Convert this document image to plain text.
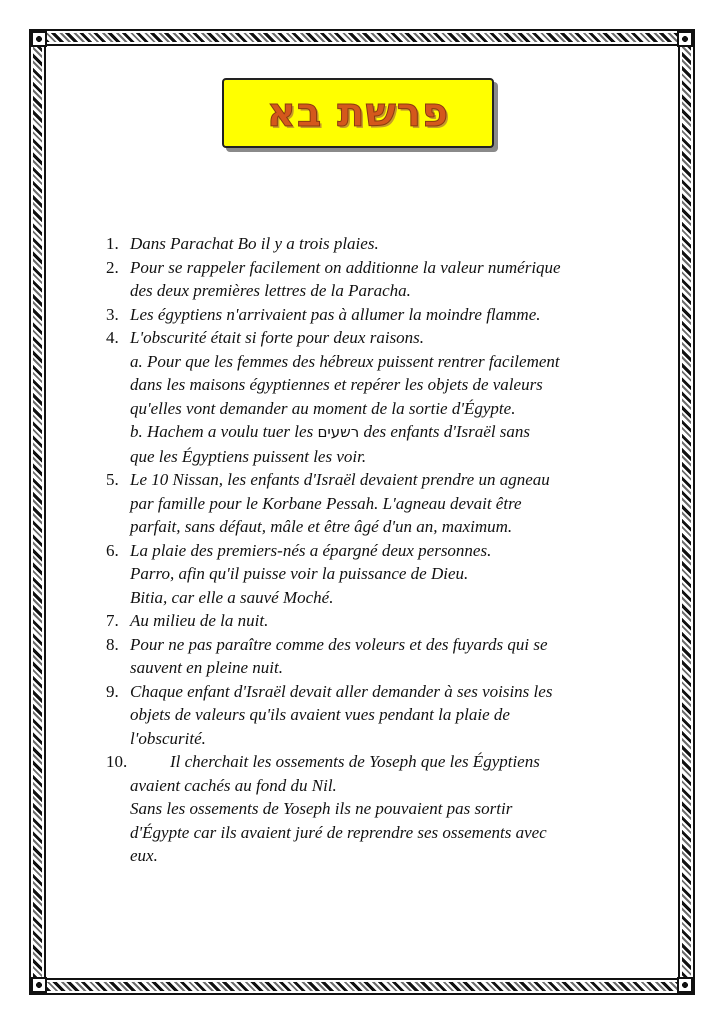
פרשת בא
1. Dans Parachat Bo il y a trois plaies.
2. Pour se rappeler facilement on additionne la valeur numérique
des deux premières lettres de la Paracha.
3. Les égyptiens n'arrivaient pas à allumer la moindre flamme.
4. L'obscurité était si forte pour deux raisons.
a. Pour que les femmes des hébreux puissent rentrer facilement
dans les maisons égyptiennes et repérer les objets de valeurs
qu'elles vont demander au moment de la sortie d'Égypte.
b. Hachem a voulu tuer les רשעים des enfants d'Israël sans
que les Égyptiens puissent les voir.
5. Le 10 Nissan, les enfants d'Israël devaient prendre un agneau
par famille pour le Korbane Pessah. L'agneau devait être
parfait, sans défaut, mâle et être âgé d'un an, maximum.
6. La plaie des premiers-nés a épargné deux personnes.
Parro, afin qu'il puisse voir la puissance de Dieu.
Bitia, car elle a sauvé Moché.
7. Au milieu de la nuit.
8. Pour ne pas paraître comme des voleurs et des fuyards qui se
sauvent en pleine nuit.
9. Chaque enfant d'Israël devait aller demander à ses voisins les
objets de valeurs qu'ils avaient vues pendant la plaie de
l'obscurité.
10.	Il cherchait les ossements de Yoseph que les Égyptiens
avaient cachés au fond du Nil.
Sans les ossements de Yoseph ils ne pouvaient pas sortir
d'Égypte car ils avaient juré de reprendre ses ossements avec
eux.
